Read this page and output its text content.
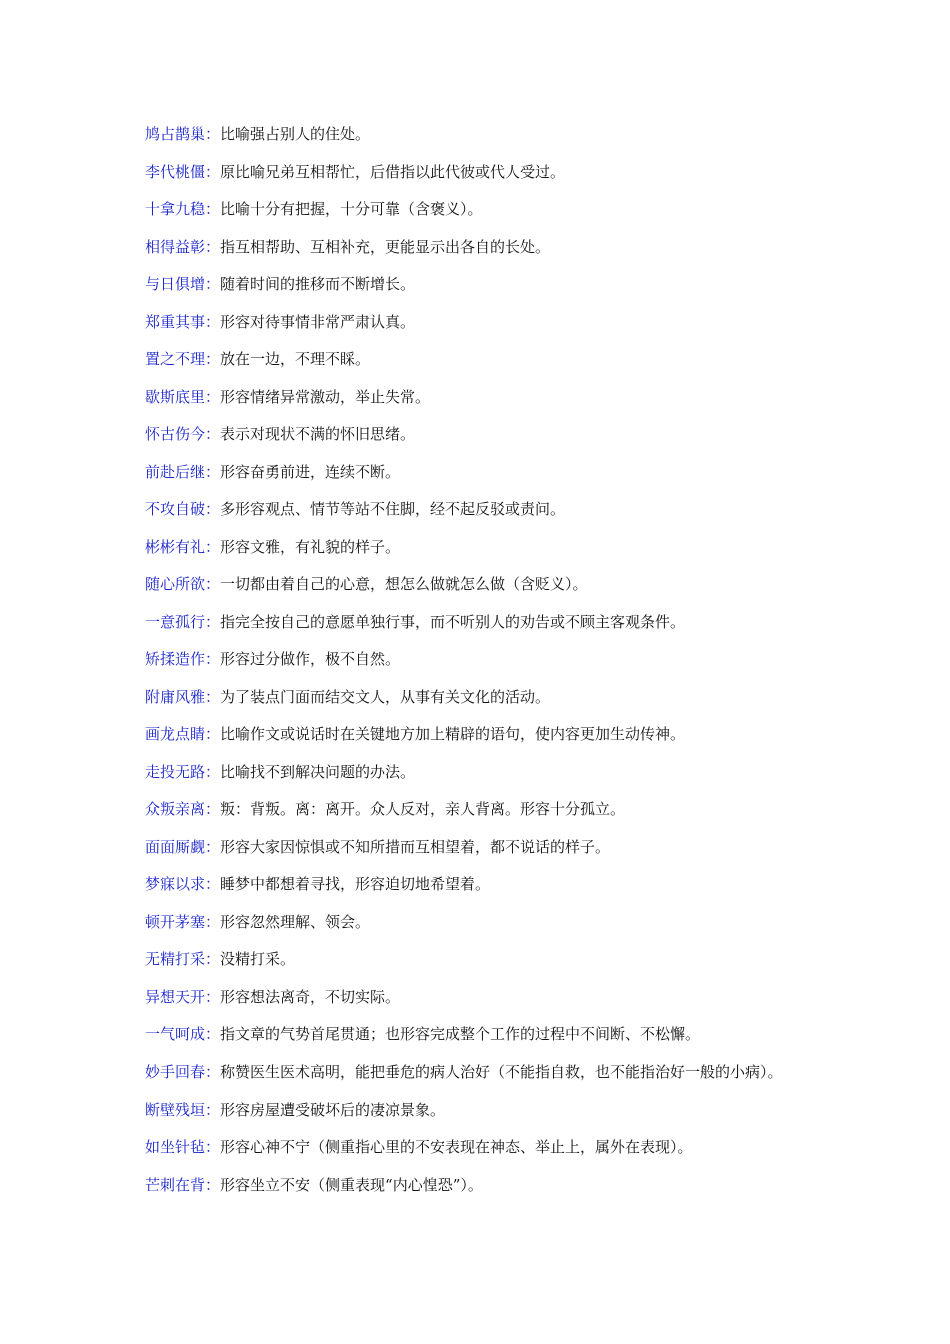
鸠占鹊巢：比喻强占别人的住处。
李代桃僵：原比喻兄弟互相帮忙，后借指以此代彼或代人受过。
十拿九稳：比喻十分有把握，十分可靠（含褒义）。
相得益彰：指互相帮助、互相补充，更能显示出各自的长处。
与日俱增：随着时间的推移而不断增长。
郑重其事：形容对待事情非常严肃认真。
置之不理：放在一边，不理不睬。
歇斯底里：形容情绪异常激动，举止失常。
怀古伤今：表示对现状不满的怀旧思绪。
前赴后继：形容奋勇前进，连续不断。
不攻自破：多形容观点、情节等站不住脚，经不起反驳或责问。
彬彬有礼：形容文雅，有礼貌的样子。
随心所欲：一切都由着自己的心意，想怎么做就怎么做（含贬义）。
一意孤行：指完全按自己的意愿单独行事，而不听别人的劝告或不顾主客观条件。
矫揉造作：形容过分做作，极不自然。
附庸风雅：为了装点门面而结交文人，从事有关文化的活动。
画龙点睛：比喻作文或说话时在关键地方加上精辟的语句，使内容更加生动传神。
走投无路：比喻找不到解决问题的办法。
众叛亲离：叛：背叛。离：离开。众人反对，亲人背离。形容十分孤立。
面面厮觑：形容大家因惊惧或不知所措而互相望着，都不说话的样子。
梦寐以求：睡梦中都想着寻找，形容迫切地希望着。
顿开茅塞：形容忽然理解、领会。
无精打采：没精打采。
异想天开：形容想法离奇，不切实际。
一气呵成：指文章的气势首尾贯通；也形容完成整个工作的过程中不间断、不松懈。
妙手回春：称赞医生医术高明，能把垂危的病人治好（不能指自救，也不能指治好一般的小病）。
断壁残垣：形容房屋遭受破坏后的凄凉景象。
如坐针毡：形容心神不宁（侧重指心里的不安表现在神态、举止上，属外在表现）。
芒刺在背：形容坐立不安（侧重表现“内心惶恐”）。
